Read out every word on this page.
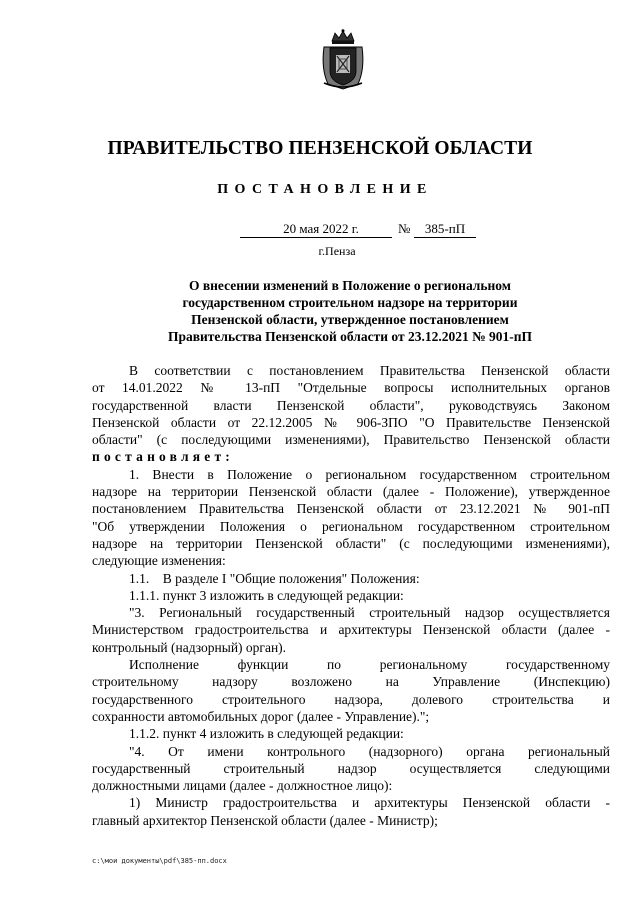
ПРАВИТЕЛЬСТВО ПЕНЗЕНСКОЙ ОБЛАСТИ
ПОСТАНОВЛЕНИЕ
20 мая 2022 г.	№	385-пП
г.Пенза
О внесении изменений в Положение о региональном
государственном строительном надзоре на территории
Пензенской области, утвержденное постановлением
Правительства Пензенской области от 23.12.2021 № 901-пП
В соответствии с постановлением Правительства Пензенской области
от 14.01.2022 № 13-пП "Отдельные вопросы исполнительных органов
государственной власти Пензенской области", руководствуясь Законом
Пензенской области от 22.12.2005 № 906-ЗПО "О Правительстве Пензенской
области" (с последующими изменениями), Правительство Пензенской области
постановляет:
1. Внести в Положение о региональном государственном строительном
надзоре на территории Пензенской области (далее - Положение), утвержденное
постановлением Правительства Пензенской области от 23.12.2021 № 901-пП
"Об утверждении Положения о региональном государственном строительном
надзоре на территории Пензенской области" (с последующими изменениями),
следующие изменения:
1.1.    В разделе I "Общие положения" Положения:
1.1.1. пункт 3 изложить в следующей редакции:
"3. Региональный государственный строительный надзор осуществляется
Министерством градостроительства и архитектуры Пензенской области (далее -
контрольный (надзорный) орган).
Исполнение функции по региональному государственному
строительному надзору возложено на Управление (Инспекцию)
государственного строительного надзора, долевого строительства и
сохранности автомобильных дорог (далее - Управление).";
1.1.2. пункт 4 изложить в следующей редакции:
"4. От имени контрольного (надзорного) органа региональный
государственный строительный надзор осуществляется следующими
должностными лицами (далее - должностное лицо):
1) Министр градостроительства и архитектуры Пензенской области -
главный архитектор Пензенской области (далее - Министр);
c:\мои документы\pdf\385-пп.docx
